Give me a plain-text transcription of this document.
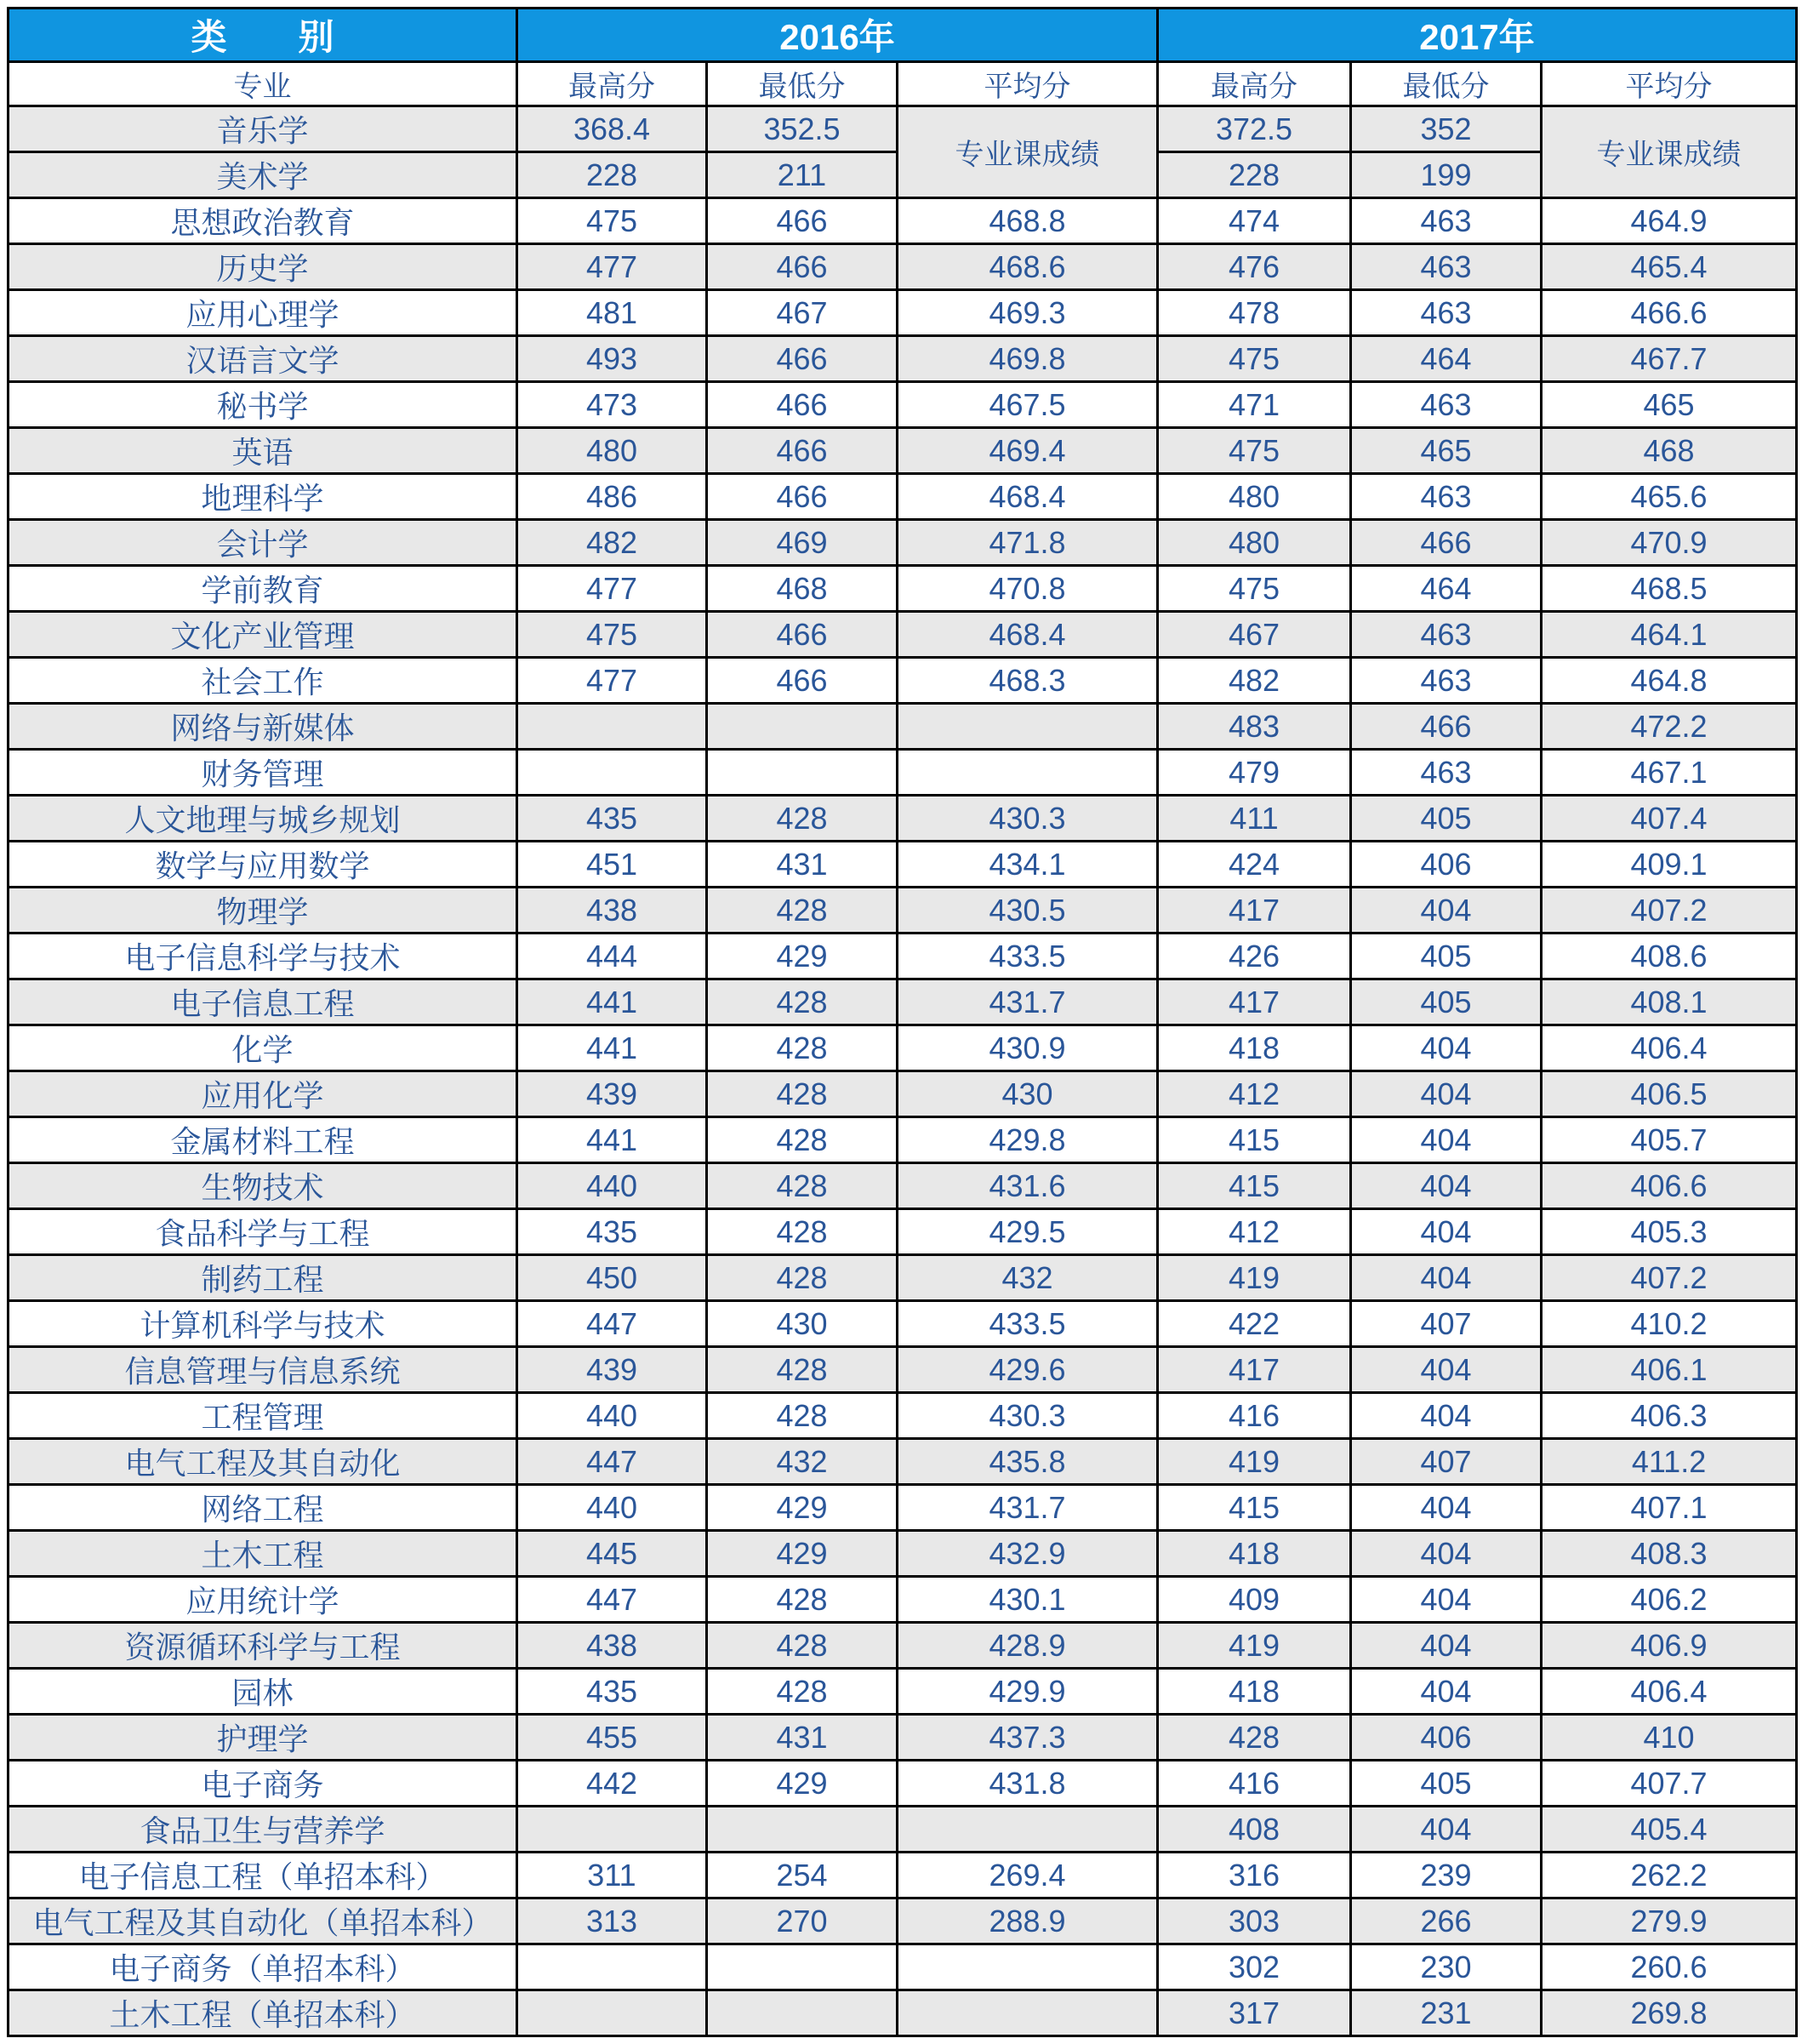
类　　别	2016年			2017年		
专业	最高分	最低分	平均分	最高分	最低分	平均分
音乐学	368.4	352.5	专业课成绩	372.5	352	专业课成绩
美术学	228	211		228	199	
思想政治教育	475	466	468.8	474	463	464.9
历史学	477	466	468.6	476	463	465.4
应用心理学	481	467	469.3	478	463	466.6
汉语言文学	493	466	469.8	475	464	467.7
秘书学	473	466	467.5	471	463	465
英语	480	466	469.4	475	465	468
地理科学	486	466	468.4	480	463	465.6
会计学	482	469	471.8	480	466	470.9
学前教育	477	468	470.8	475	464	468.5
文化产业管理	475	466	468.4	467	463	464.1
社会工作	477	466	468.3	482	463	464.8
网络与新媒体				483	466	472.2
财务管理				479	463	467.1
人文地理与城乡规划	435	428	430.3	411	405	407.4
数学与应用数学	451	431	434.1	424	406	409.1
物理学	438	428	430.5	417	404	407.2
电子信息科学与技术	444	429	433.5	426	405	408.6
电子信息工程	441	428	431.7	417	405	408.1
化学	441	428	430.9	418	404	406.4
应用化学	439	428	430	412	404	406.5
金属材料工程	441	428	429.8	415	404	405.7
生物技术	440	428	431.6	415	404	406.6
食品科学与工程	435	428	429.5	412	404	405.3
制药工程	450	428	432	419	404	407.2
计算机科学与技术	447	430	433.5	422	407	410.2
信息管理与信息系统	439	428	429.6	417	404	406.1
工程管理	440	428	430.3	416	404	406.3
电气工程及其自动化	447	432	435.8	419	407	411.2
网络工程	440	429	431.7	415	404	407.1
土木工程	445	429	432.9	418	404	408.3
应用统计学	447	428	430.1	409	404	406.2
资源循环科学与工程	438	428	428.9	419	404	406.9
园林	435	428	429.9	418	404	406.4
护理学	455	431	437.3	428	406	410
电子商务	442	429	431.8	416	405	407.7
食品卫生与营养学				408	404	405.4
电子信息工程（单招本科）	311	254	269.4	316	239	262.2
电气工程及其自动化（单招本科）	313	270	288.9	303	266	279.9
电子商务（单招本科）				302	230	260.6
土木工程（单招本科）				317	231	269.8
